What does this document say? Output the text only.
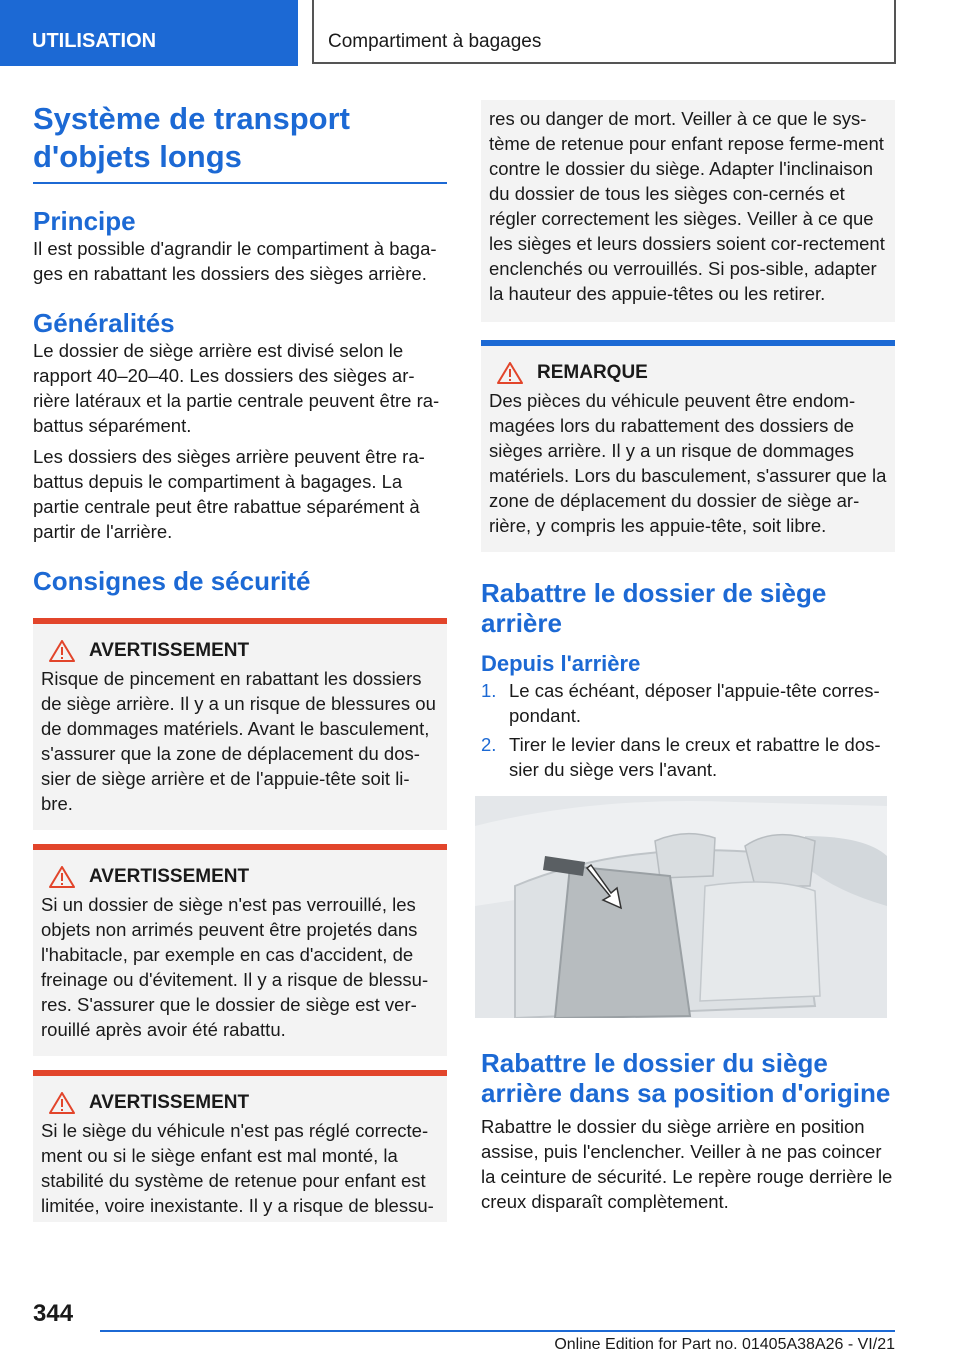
UTILISATION	Compartiment à bagages
Système de transport d'objets longs
Principe

Il est possible d'agrandir le compartiment à baga-ges en rabattant les dossiers des sièges arrière.

Généralités

Le dossier de siège arrière est divisé selon le rapport 40–20–40. Les dossiers des sièges ar-rière latéraux et la partie centrale peuvent être ra-battus séparément.

Les dossiers des sièges arrière peuvent être ra-battus depuis le compartiment à bagages. La partie centrale peut être rabattue séparément à partir de l'arrière.

Consignes de sécurité
AVERTISSEMENT

Risque de pincement en rabattant les dossiers de siège arrière. Il y a un risque de blessures ou de dommages matériels. Avant le basculement, s'assurer que la zone de déplacement du dos-sier de siège arrière et de l'appuie-tête soit li-bre.

AVERTISSEMENT

Si un dossier de siège n'est pas verrouillé, les objets non arrimés peuvent être projetés dans l'habitacle, par exemple en cas d'accident, de freinage ou d'évitement. Il y a risque de blessu-res. S'assurer que le dossier de siège est ver-rouillé après avoir été rabattu.

AVERTISSEMENT

Si le siège du véhicule n'est pas réglé correcte-ment ou si le siège enfant est mal monté, la stabilité du système de retenue pour enfant est limitée, voire inexistante. Il y a risque de blessu-

res ou danger de mort. Veiller à ce que le sys-tème de retenue pour enfant repose ferme-ment contre le dossier du siège. Adapter l'inclinaison du dossier de tous les sièges con-cernés et régler correctement les sièges. Veiller à ce que les sièges et leurs dossiers soient cor-rectement enclenchés ou verrouillés. Si pos-sible, adapter la hauteur des appuie-têtes ou les retirer.

REMARQUE

Des pièces du véhicule peuvent être endom-magées lors du rabattement des dossiers de sièges arrière. Il y a un risque de dommages matériels. Lors du basculement, s'assurer que la zone de déplacement du dossier de siège ar-rière, y compris les appuie-tête, soit libre.

Rabattre le dossier de siège arrière
Depuis l'arrière
1. Le cas échéant, déposer l'appuie-tête corres-pondant.
2. Tirer le levier dans le creux et rabattre le dos-sier du siège vers l'avant.
Rabattre le dossier du siège arrière dans sa position d'origine

Rabattre le dossier du siège arrière en position assise, puis l'enclencher. Veiller à ne pas coincer la ceinture de sécurité. Le repère rouge derrière le creux disparaît complètement.

344
Online Edition for Part no. 01405A38A26 - VI/21
